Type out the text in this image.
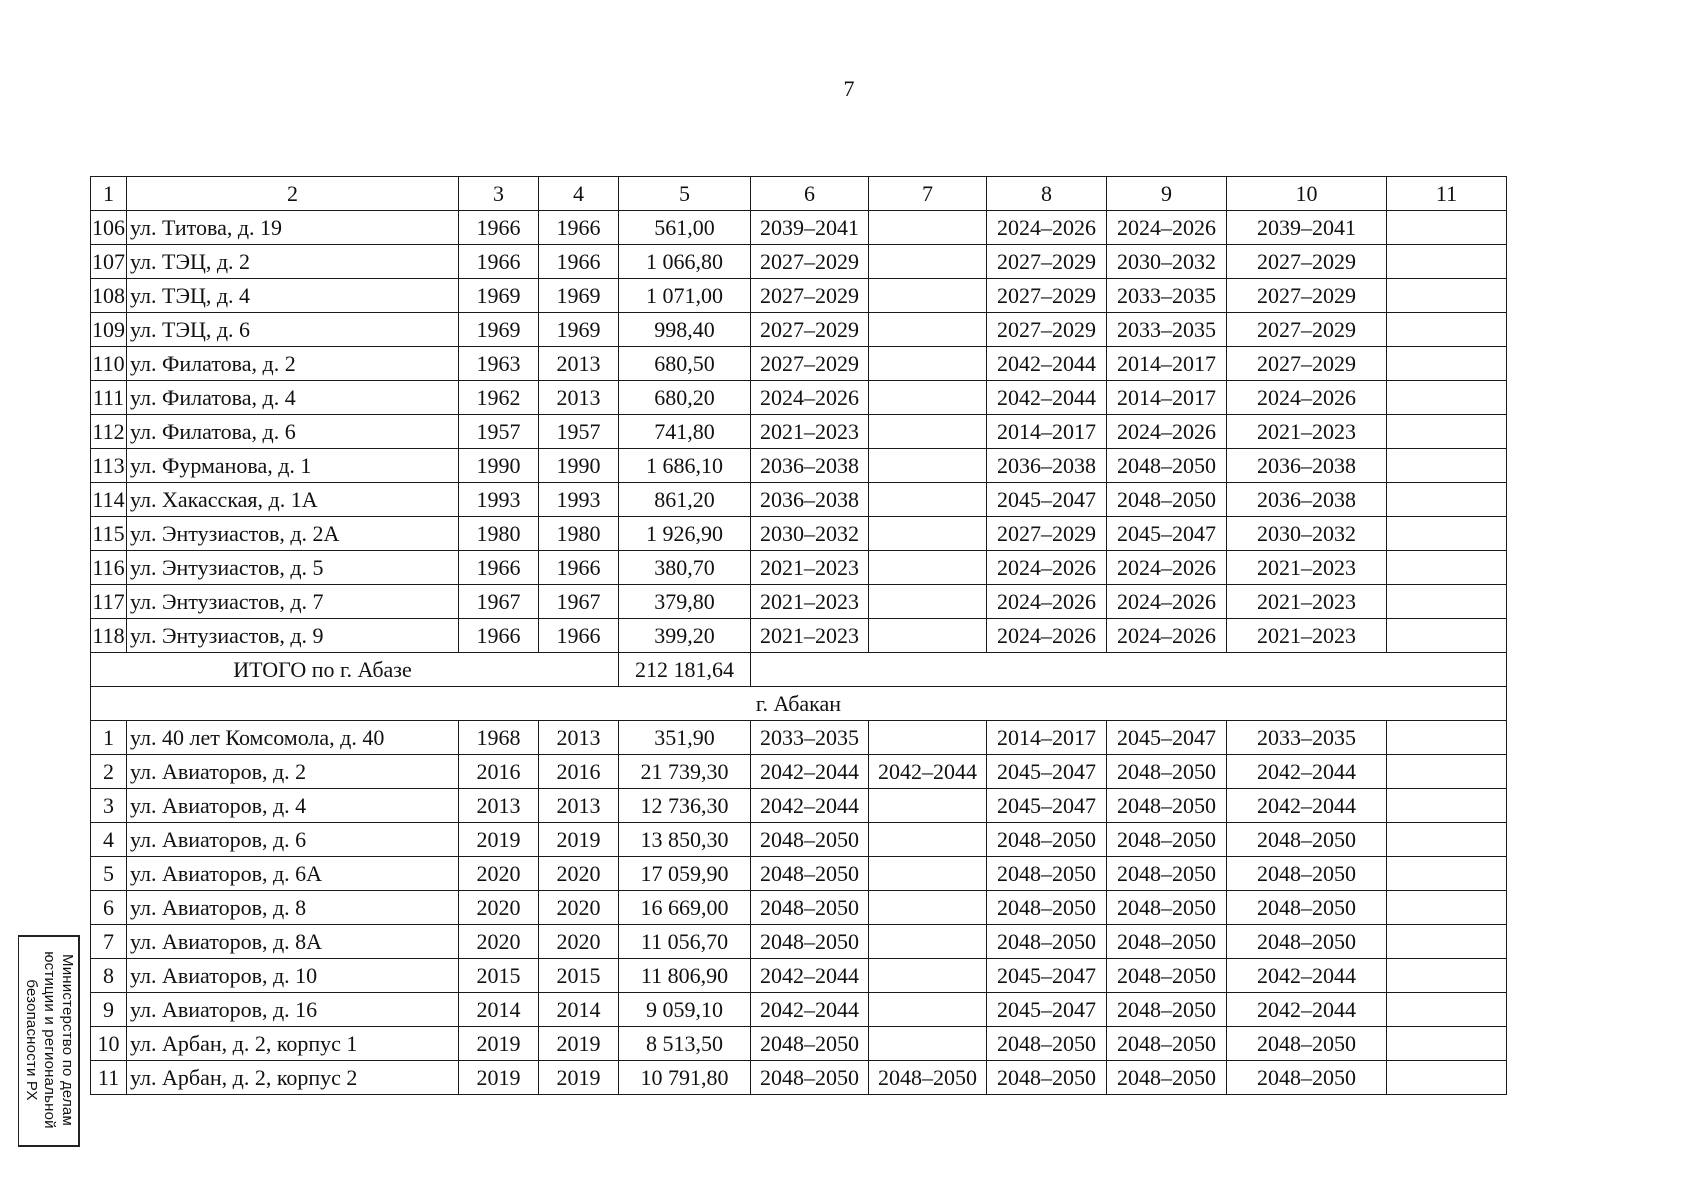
7
1	2	3	4	5	6	7	8	9	10	11
106	ул. Титова, д. 19	1966	1966	561,00	2039–2041		2024–2026	2024–2026	2039–2041	
107	ул. ТЭЦ, д. 2	1966	1966	1 066,80	2027–2029		2027–2029	2030–2032	2027–2029	
108	ул. ТЭЦ, д. 4	1969	1969	1 071,00	2027–2029		2027–2029	2033–2035	2027–2029	
109	ул. ТЭЦ, д. 6	1969	1969	998,40	2027–2029		2027–2029	2033–2035	2027–2029	
110	ул. Филатова, д. 2	1963	2013	680,50	2027–2029		2042–2044	2014–2017	2027–2029	
111	ул. Филатова, д. 4	1962	2013	680,20	2024–2026		2042–2044	2014–2017	2024–2026	
112	ул. Филатова, д. 6	1957	1957	741,80	2021–2023		2014–2017	2024–2026	2021–2023	
113	ул. Фурманова, д. 1	1990	1990	1 686,10	2036–2038		2036–2038	2048–2050	2036–2038	
114	ул. Хакасская, д. 1А	1993	1993	861,20	2036–2038		2045–2047	2048–2050	2036–2038	
115	ул. Энтузиастов, д. 2А	1980	1980	1 926,90	2030–2032		2027–2029	2045–2047	2030–2032	
116	ул. Энтузиастов, д. 5	1966	1966	380,70	2021–2023		2024–2026	2024–2026	2021–2023	
117	ул. Энтузиастов, д. 7	1967	1967	379,80	2021–2023		2024–2026	2024–2026	2021–2023	
118	ул. Энтузиастов, д. 9	1966	1966	399,20	2021–2023		2024–2026	2024–2026	2021–2023	
ИТОГО по г. Абазе				212 181,64						
г. Абакан										
1	ул. 40 лет Комсомола, д. 40	1968	2013	351,90	2033–2035		2014–2017	2045–2047	2033–2035	
2	ул. Авиаторов, д. 2	2016	2016	21 739,30	2042–2044	2042–2044	2045–2047	2048–2050	2042–2044	
3	ул. Авиаторов, д. 4	2013	2013	12 736,30	2042–2044		2045–2047	2048–2050	2042–2044	
4	ул. Авиаторов, д. 6	2019	2019	13 850,30	2048–2050		2048–2050	2048–2050	2048–2050	
5	ул. Авиаторов, д. 6А	2020	2020	17 059,90	2048–2050		2048–2050	2048–2050	2048–2050	
6	ул. Авиаторов, д. 8	2020	2020	16 669,00	2048–2050		2048–2050	2048–2050	2048–2050	
7	ул. Авиаторов, д. 8А	2020	2020	11 056,70	2048–2050		2048–2050	2048–2050	2048–2050	
8	ул. Авиаторов, д. 10	2015	2015	11 806,90	2042–2044		2045–2047	2048–2050	2042–2044	
9	ул. Авиаторов, д. 16	2014	2014	9 059,10	2042–2044		2045–2047	2048–2050	2042–2044	
10	ул. Арбан, д. 2, корпус 1	2019	2019	8 513,50	2048–2050		2048–2050	2048–2050	2048–2050	
11	ул. Арбан, д. 2, корпус 2	2019	2019	10 791,80	2048–2050	2048–2050	2048–2050	2048–2050	2048–2050	
Министерство по делам
юстиции и региональной
безопасности РХ
